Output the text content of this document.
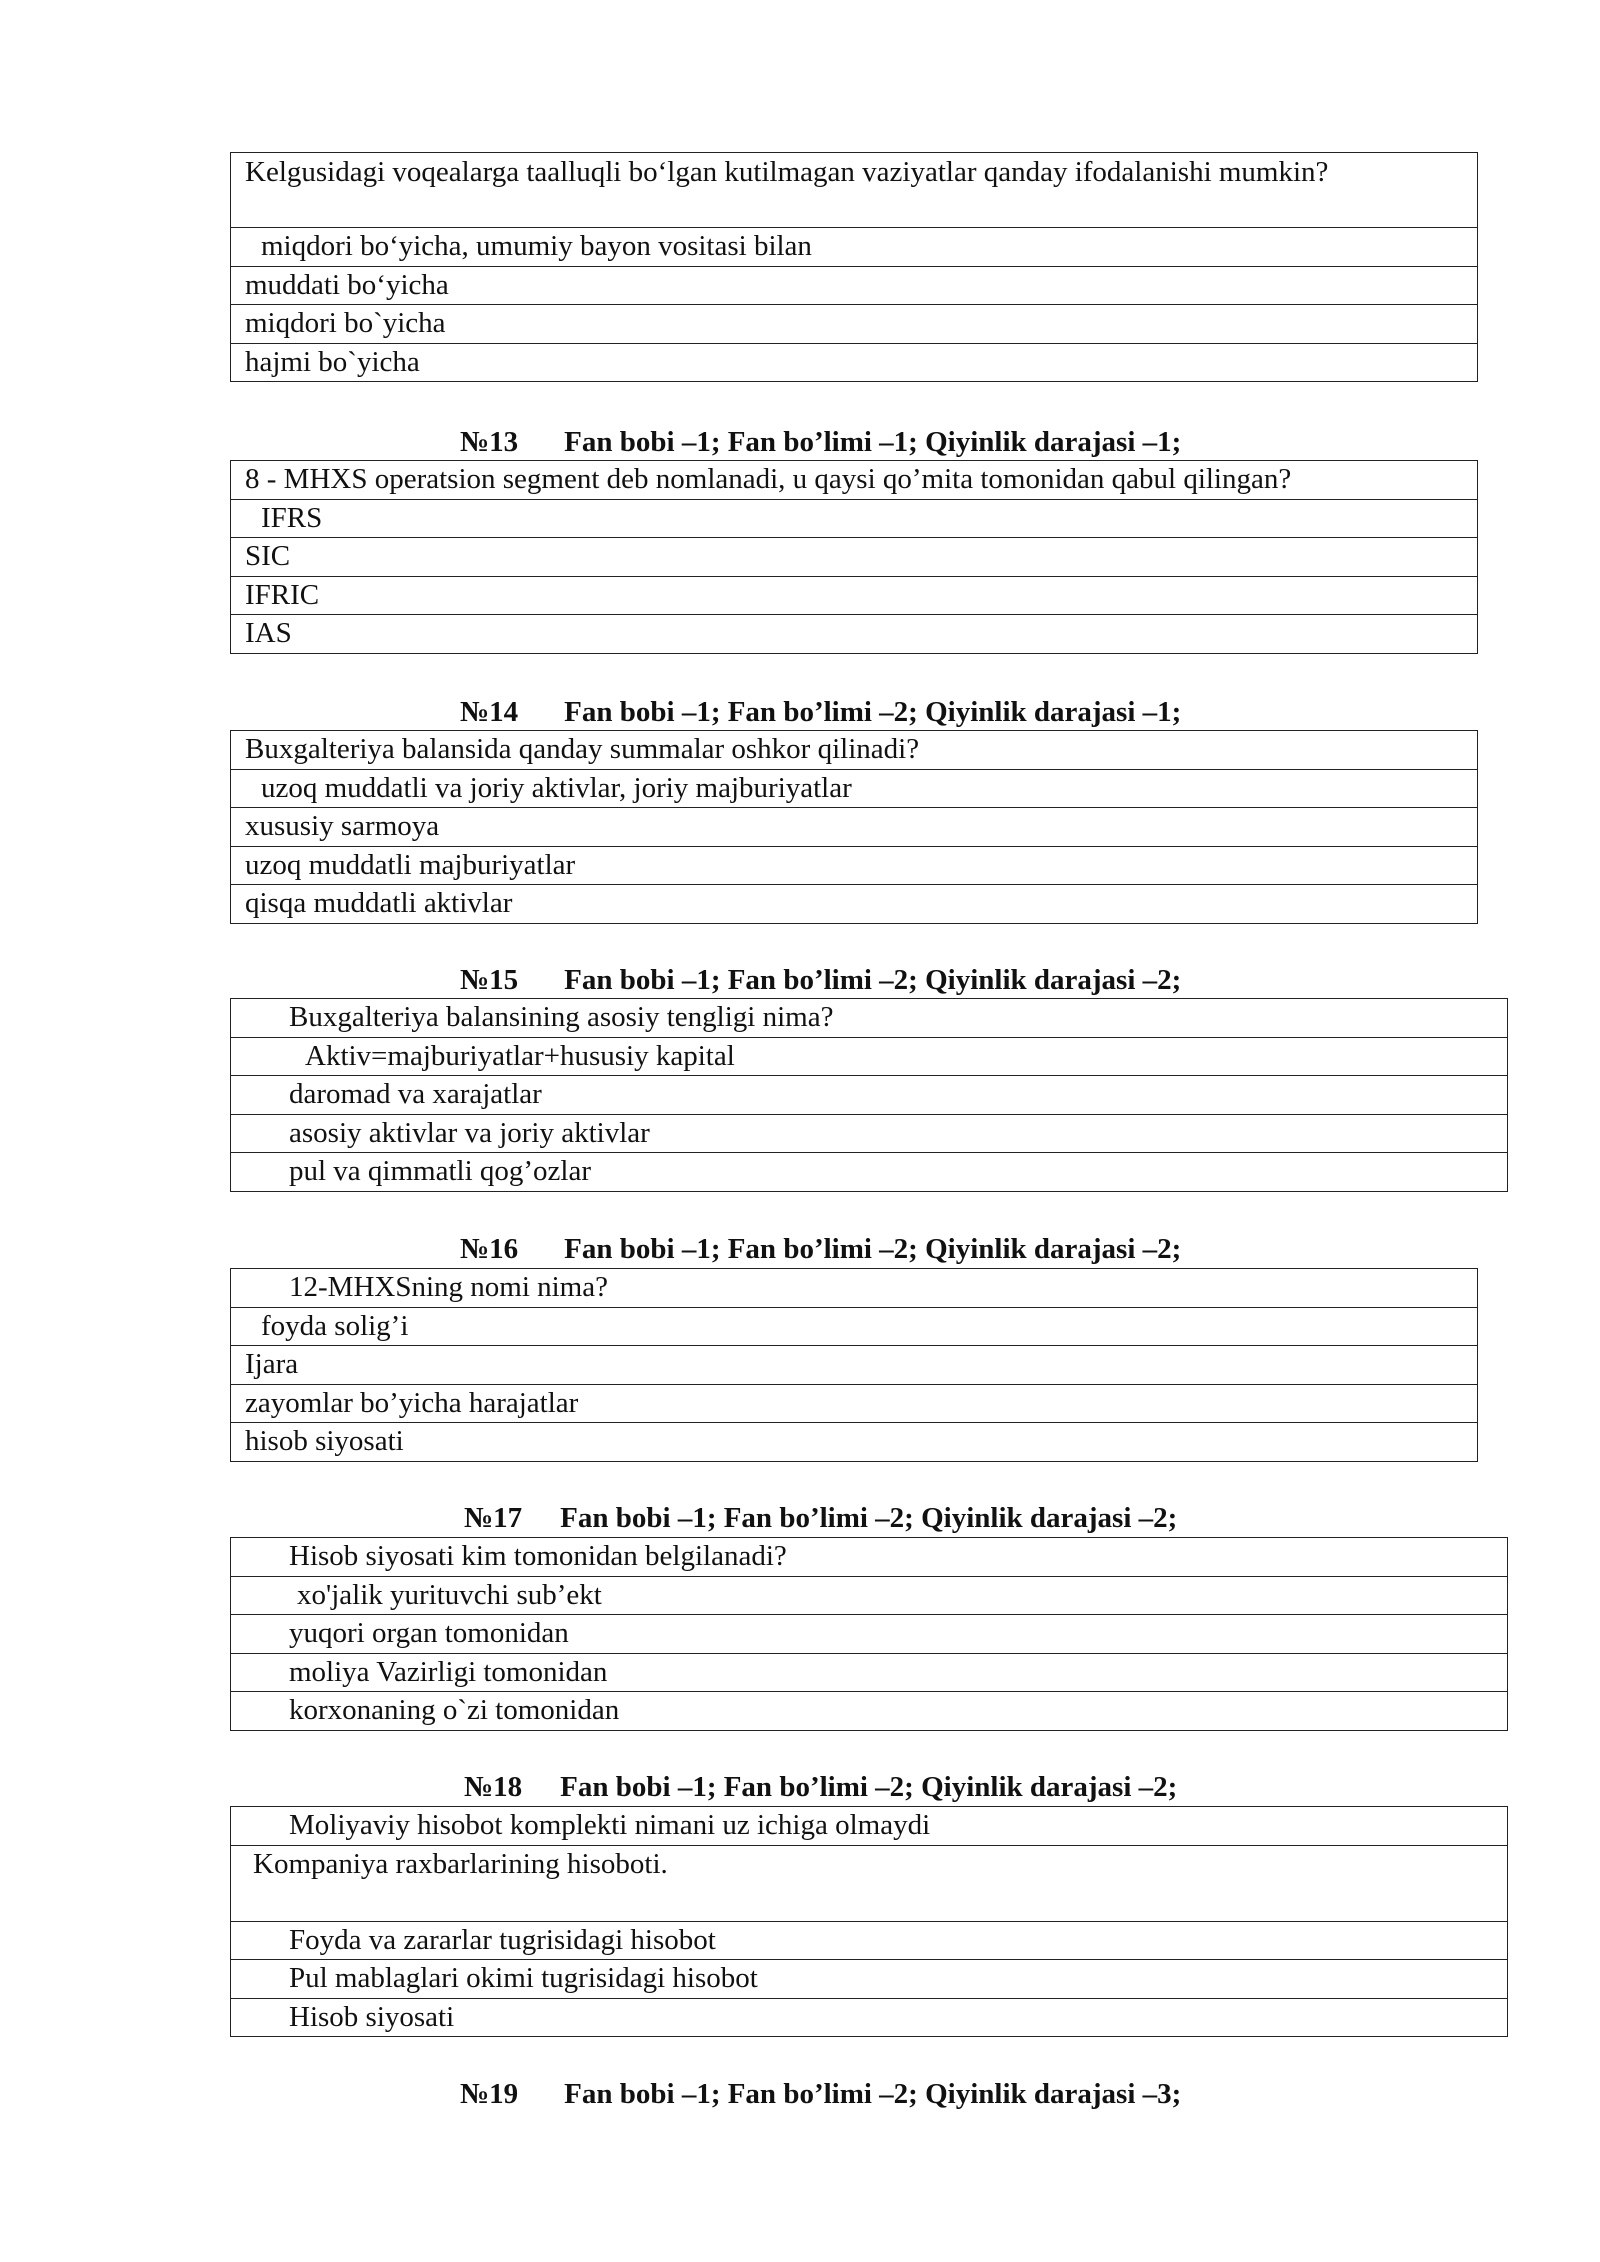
Kelgusidagi voqealarga taalluqli bo‘lgan kutilmagan vaziyatlar qanday ifodalanishi mumkin?
miqdori bo‘yicha, umumiy bayon vositasi bilan
muddati bo‘yicha
miqdori bo`yicha
hajmi bo`yicha
№13 Fan bobi –1; Fan bo’limi –1; Qiyinlik darajasi –1;
8 - MHXS operatsion segment deb nomlanadi, u qaysi qo’mita tomonidan qabul qilingan?
IFRS
SIC
IFRIC
IAS
№14 Fan bobi –1; Fan bo’limi –2; Qiyinlik darajasi –1;
Buxgalteriya balansida qanday summalar oshkor qilinadi?
uzoq muddatli va joriy aktivlar, joriy majburiyatlar
xususiy sarmoya
uzoq muddatli majburiyatlar
qisqa muddatli aktivlar
№15 Fan bobi –1; Fan bo’limi –2; Qiyinlik darajasi –2;
Buxgalteriya balansining asosiy tengligi nima?
Aktiv=majburiyatlar+hususiy kapital
daromad va xarajatlar
asosiy aktivlar va joriy aktivlar
pul va qimmatli qog’ozlar
№16 Fan bobi –1; Fan bo’limi –2; Qiyinlik darajasi –2;
12-MHXSning nomi nima?
foyda solig’i
Ijara
zayomlar bo’yicha harajatlar
hisob siyosati
№17 Fan bobi –1; Fan bo’limi –2; Qiyinlik darajasi –2;
Hisob siyosati kim tomonidan belgilanadi?
xo'jalik yurituvchi sub’ekt
yuqori organ tomonidan
moliya Vazirligi tomonidan
korxonaning o`zi tomonidan
№18 Fan bobi –1; Fan bo’limi –2; Qiyinlik darajasi –2;
Moliyaviy hisobot komplekti nimani uz ichiga olmaydi
Kompaniya raxbarlarining hisoboti.
Foyda va zararlar tugrisidagi hisobot
Pul mablaglari okimi tugrisidagi hisobot
Hisob siyosati
№19 Fan bobi –1; Fan bo’limi –2; Qiyinlik darajasi –3;
